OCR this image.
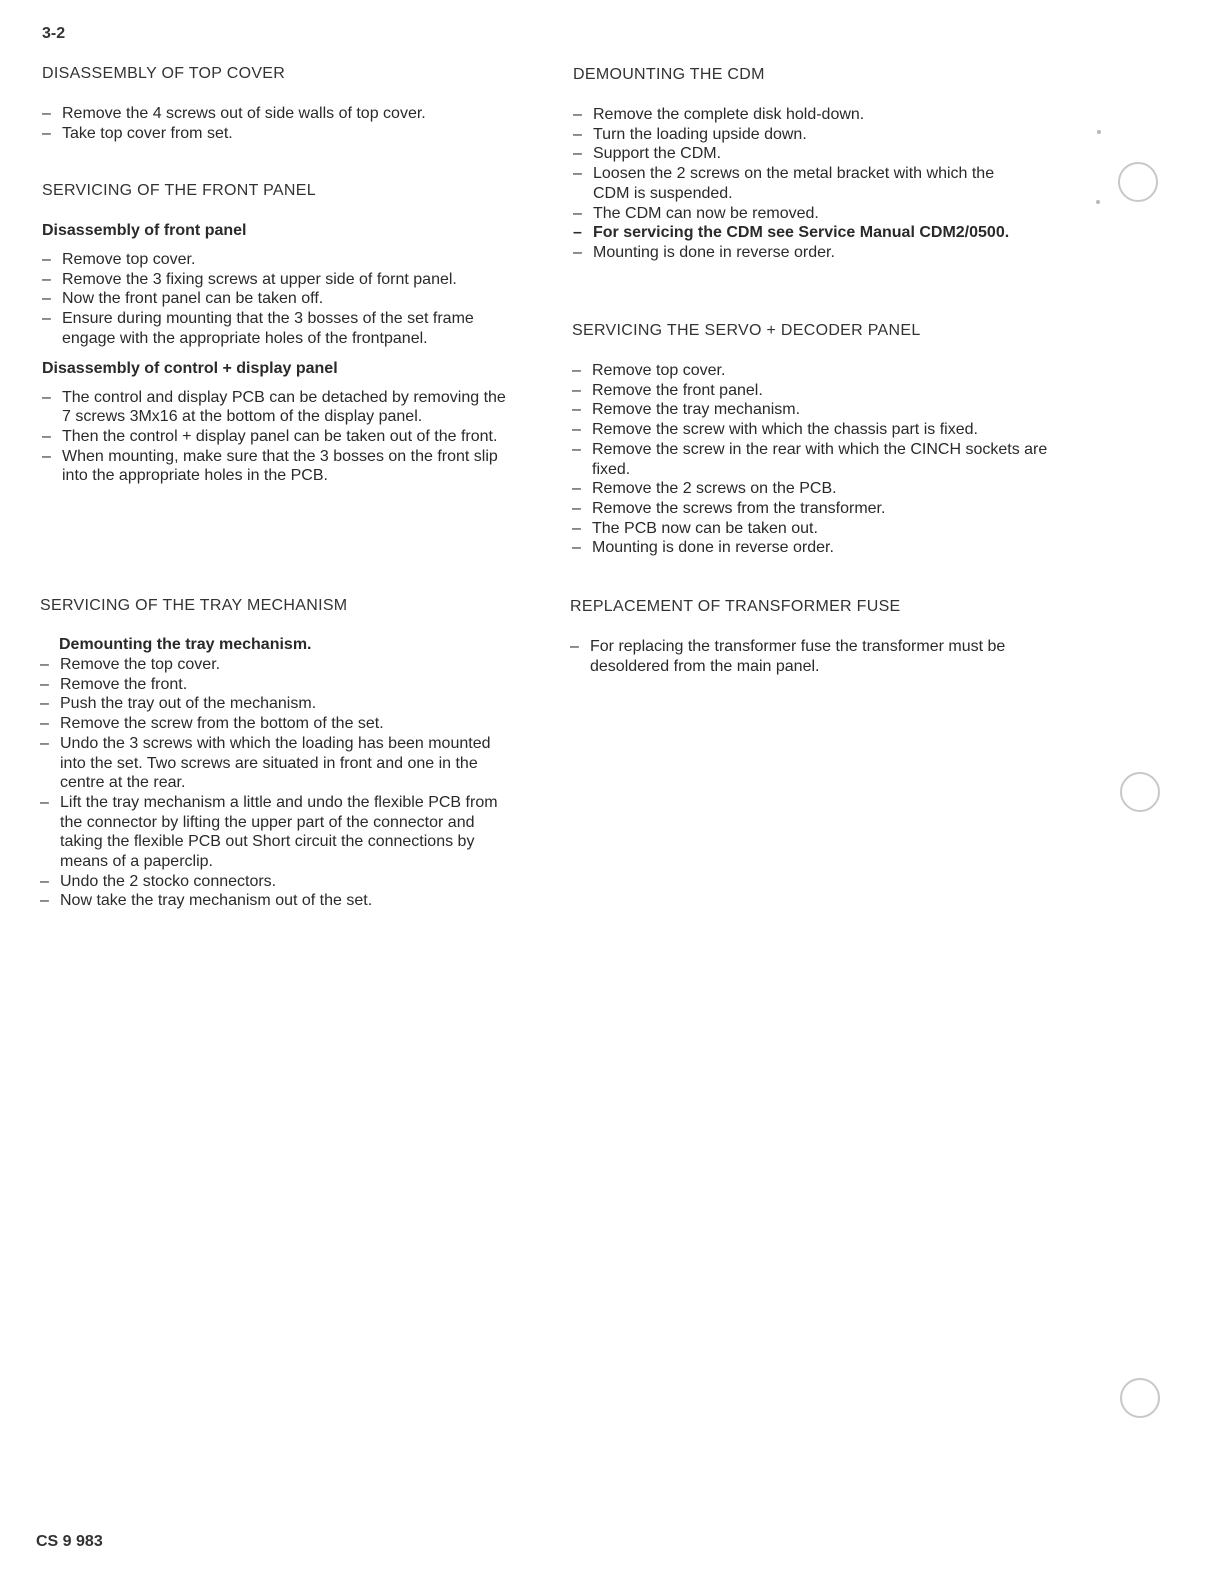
3-2
CS 9 983

DISASSEMBLY OF TOP COVER

– Remove the 4 screws out of side walls of top cover.
– Take top cover from set.

SERVICING OF THE FRONT PANEL

Disassembly of front panel

– Remove top cover.
– Remove the 3 fixing screws at upper side of fornt panel.
– Now the front panel can be taken off.
– Ensure during mounting that the 3 bosses of the set frame engage with the appropriate holes of the frontpanel.

Disassembly of control + display panel

– The control and display PCB can be detached by removing the 7 screws 3Mx16 at the bottom of the display panel.
– Then the control + display panel can be taken out of the front.
– When mounting, make sure that the 3 bosses on the front slip into the appropriate holes in the PCB.

SERVICING OF THE TRAY MECHANISM

Demounting the tray mechanism.

– Remove the top cover.
– Remove the front.
– Push the tray out of the mechanism.
– Remove the screw from the bottom of the set.
– Undo the 3 screws with which the loading has been mounted into the set. Two screws are situated in front and one in the centre at the rear.
– Lift the tray mechanism a little and undo the flexible PCB from the connector by lifting the upper part of the connector and taking the flexible PCB out Short circuit the connections by means of a paperclip.
– Undo the 2 stocko connectors.
– Now take the tray mechanism out of the set.

DEMOUNTING THE CDM

– Remove the complete disk hold-down.
– Turn the loading upside down.
– Support the CDM.
– Loosen the 2 screws on the metal bracket with which the CDM is suspended.
– The CDM can now be removed.
– For servicing the CDM see Service Manual CDM2/0500.
– Mounting is done in reverse order.

SERVICING THE SERVO + DECODER PANEL

– Remove top cover.
– Remove the front panel.
– Remove the tray mechanism.
– Remove the screw with which the chassis part is fixed.
– Remove the screw in the rear with which the CINCH sockets are fixed.
– Remove the 2 screws on the PCB.
– Remove the screws from the transformer.
– The PCB now can be taken out.
– Mounting is done in reverse order.

REPLACEMENT OF TRANSFORMER FUSE

– For replacing the transformer fuse the transformer must be desoldered from the main panel.
